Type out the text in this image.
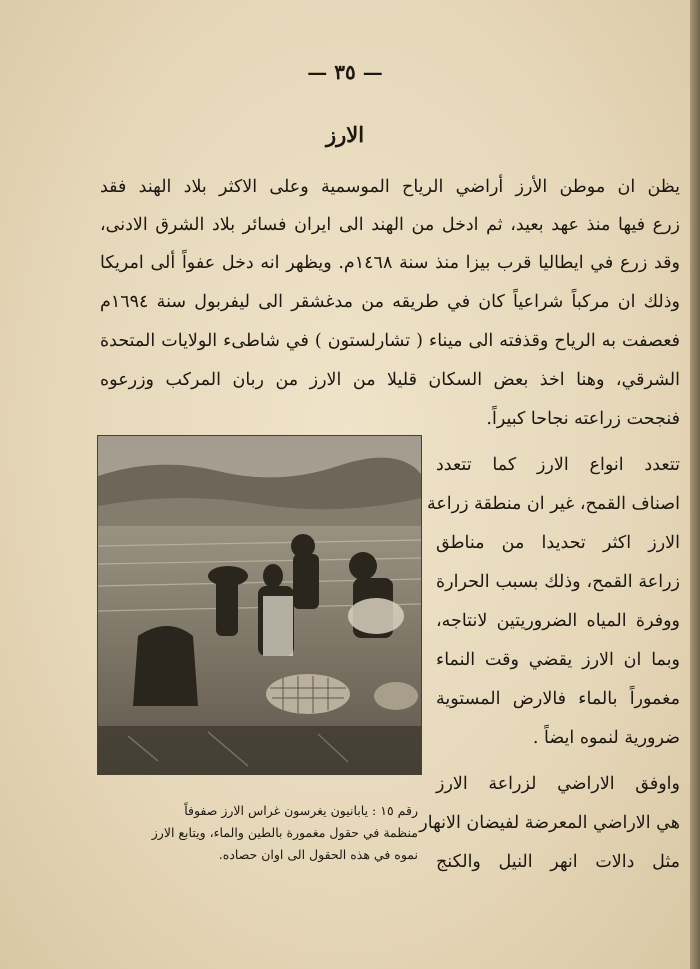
— ٣٥ —
الارز
يظن ان موطن الأرز أراضي الرياح الموسمية وعلى الاكثر بلاد الهند فقد
زرع فيها منذ عهد بعيد، ثم ادخل من الهند الى ايران فسائر بلاد الشرق الادنى،
وقد زرع في ايطاليا قرب بيزا منذ سنة ١٤٦٨م. ويظهر انه دخل عفواً ألى امريكا
وذلك ان مركباً شراعياً كان في طريقه من مدغشقر الى ليفربول سنة ١٦٩٤م
فعصفت به الرياح وقذفته الى ميناء ( تشارلستون ) في شاطىء الولايات المتحدة
الشرقي، وهنا اخذ بعض السكان قليلا من الارز من ربان المركب وزرعوه
فنجحت زراعته نجاحا كبيراً.
رقم ١٥ : يابانيون يغرسون غراس الارز صفوفاً
منظمة في حقول مغمورة بالطين والماء، ويتابع الارز
نموه في هذه الحقول الى اوان حصاده.
تتعدد انواع الارز كما تتعدد
اصناف القمح، غير ان منطقة زراعة
الارز اكثر تحديدا من مناطق
زراعة القمح، وذلك بسبب الحرارة
ووفرة المياه الضروريتين لانتاجه،
وبما ان الارز يقضي وقت النماء
مغموراً بالماء فالارض المستوية
ضرورية لنموه ايضاً .
واوفق الاراضي لزراعة الارز
هي الاراضي المعرضة لفيضان الانهار
مثل دالات انهر النيل والكنج
